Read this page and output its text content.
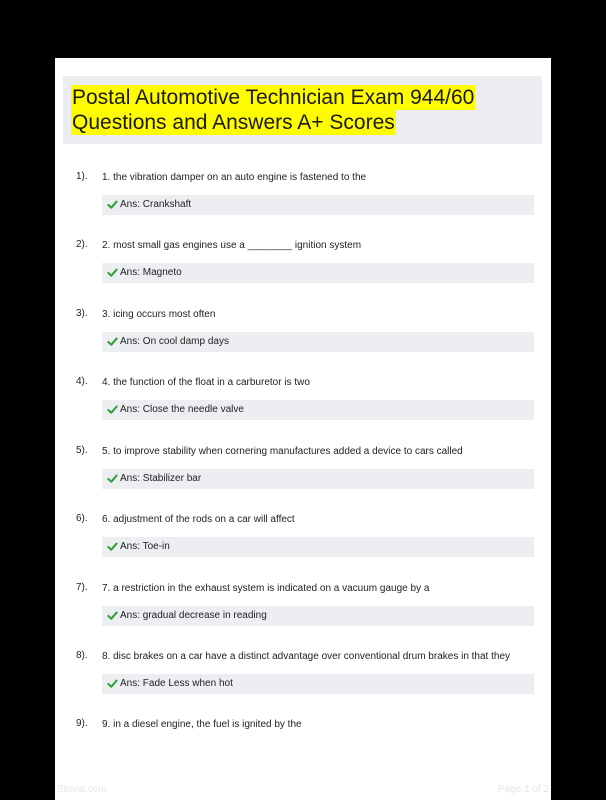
Postal Automotive Technician Exam 944/60
Questions and Answers A+ Scores
1). 1. the vibration damper on an auto engine is fastened to the
Ans: Crankshaft
2). 2. most small gas engines use a ________ ignition system
Ans: Magneto
3). 3. icing occurs most often
Ans: On cool damp days
4). 4. the function of the float in a carburetor is two
Ans: Close the needle valve
5). 5. to improve stability when cornering manufactures added a device to cars called
Ans: Stabilizer bar
6). 6. adjustment of the rods on a car will affect
Ans: Toe-in
7). 7. a restriction in the exhaust system is indicated on a vacuum gauge by a
Ans: gradual decrease in reading
8). 8. disc brakes on a car have a distinct advantage over conventional drum brakes in that they
Ans: Fade Less when hot
9). 9. in a diesel engine, the fuel is ignited by the
Stuvia.com	Page 1 of 2
